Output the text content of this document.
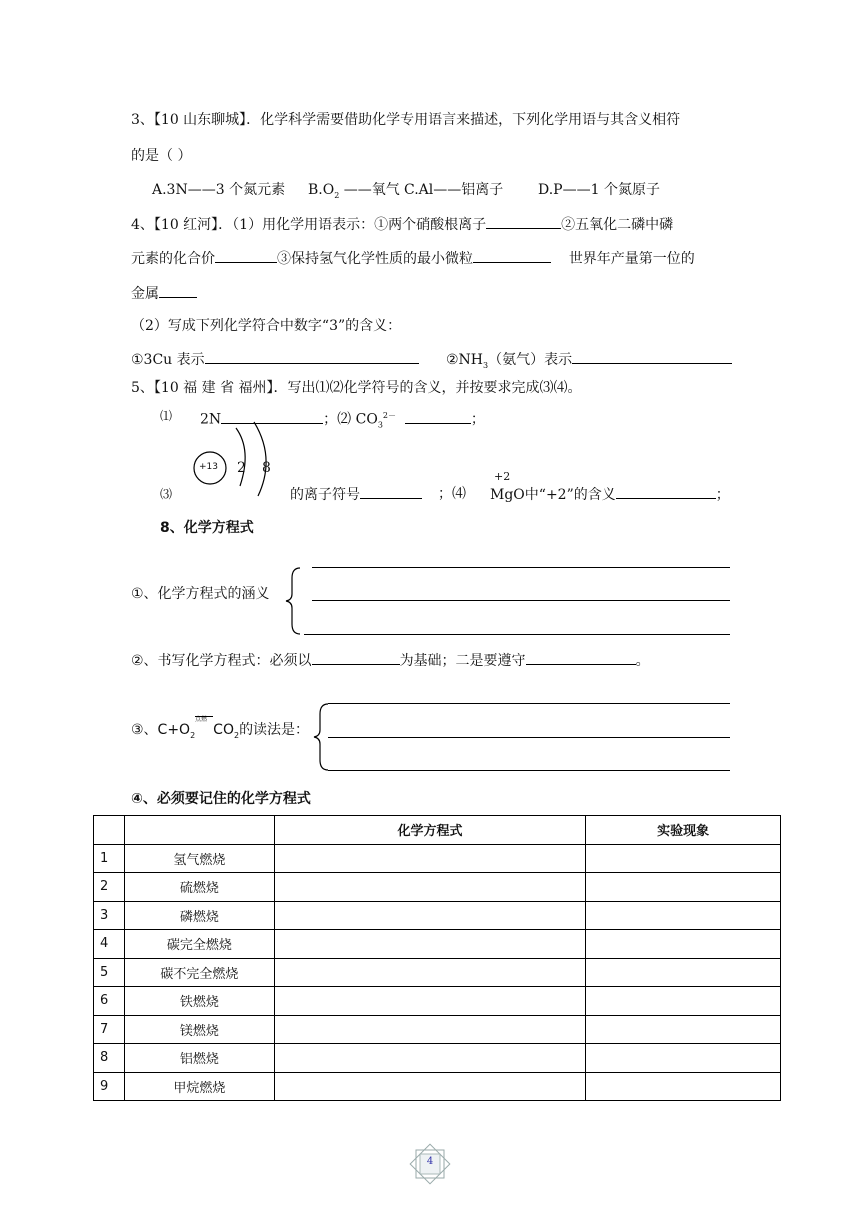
3、【10 山东聊城】．化学科学需要借助化学专用语言来描述，下列化学用语与其含义相符
的是（ ）
A.3N——3 个氮元素 $B.O_2$ ——氧气 C.Al——铝离子 D.P——1 个氮原子
4、【10 红河】．（1）用化学用语表示：①两个硝酸根离子	②五氧化二磷中磷
元素的化合价	③保持氢气化学性质的最小微粒	世界年产量第一位的
金属
（2）写成下列化学符合中数字“3”的含义：
①3Cu 表示	$②NH_3$（氨气）表示
5、【10 福 建 省 福州】．写出⑴⑵化学符号的含义，并按要求完成⑶⑷。
⑴ 2N	；⑵ $CO_3^{2-}$	；
+13 2 8
⑶	的离子符号	；⑷
+2
MgO中“+2”的含义	；
8、化学方程式
①、化学方程式的涵义
②、书写化学方程式：必须以	为基础；二是要遵守	。
③、$C+O_2$
点燃
$CO_2$的读法是：
④、必须要记住的化学方程式
		化学方程式	实验现象
1	氢气燃烧		
2	硫燃烧		
3	磷燃烧		
4	碳完全燃烧		
5	碳不完全燃烧		
6	铁燃烧		
7	镁燃烧		
8	铝燃烧		
9	甲烷燃烧		
4
